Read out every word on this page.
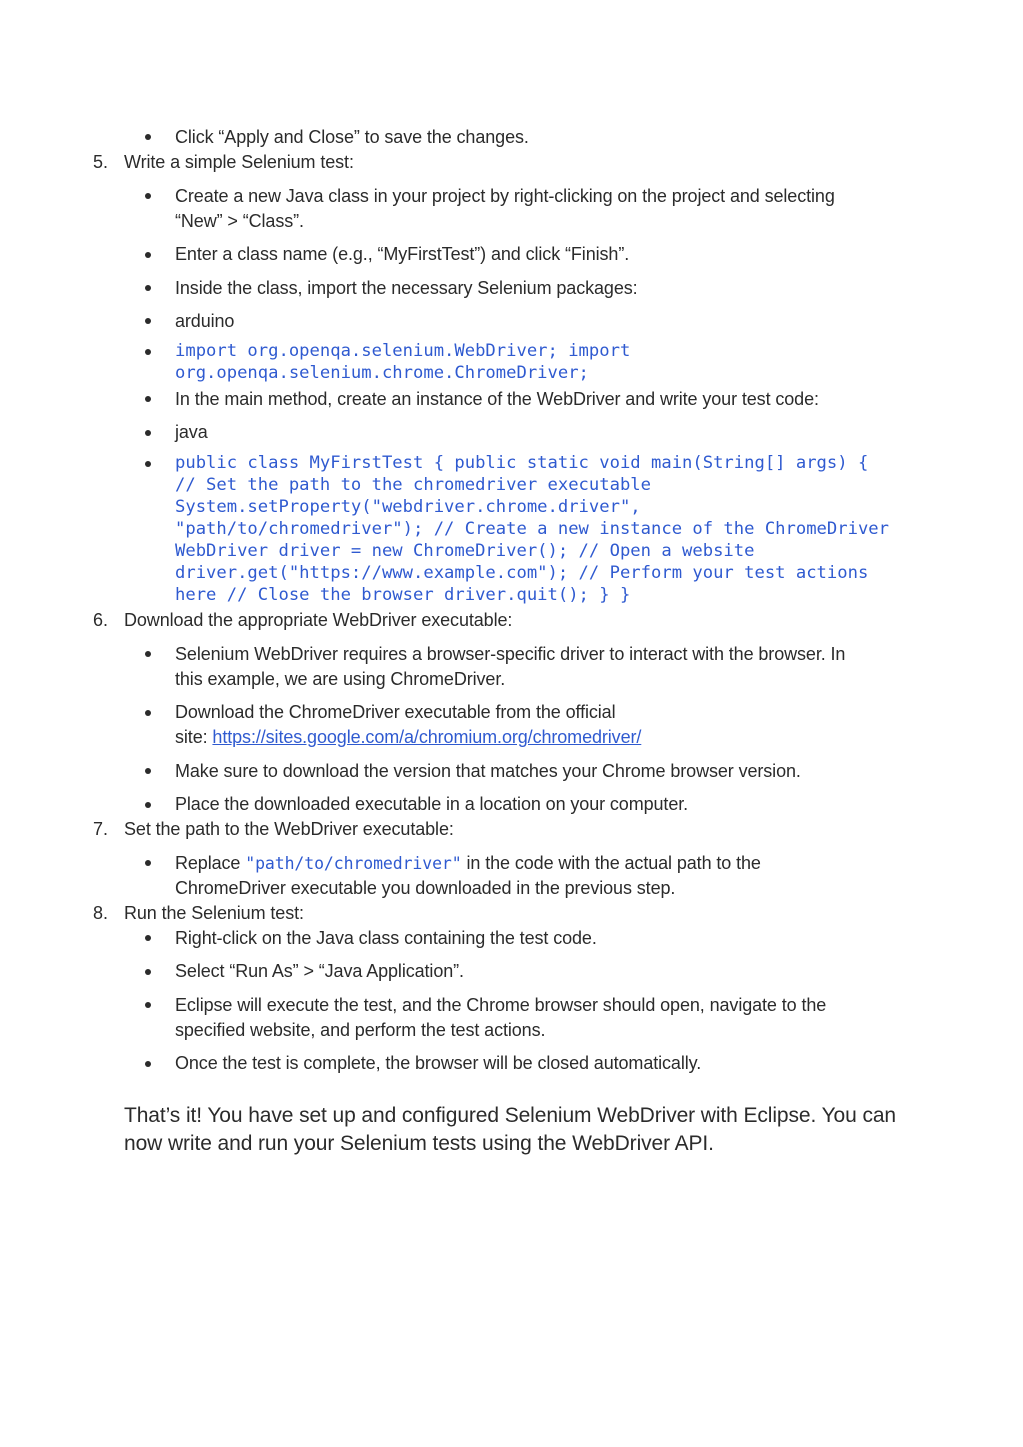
Click “Apply and Close” to save the changes.
5. Write a simple Selenium test:
Create a new Java class in your project by right-clicking on the project and selecting
“New” > “Class”.
Enter a class name (e.g., “MyFirstTest”) and click “Finish”.
Inside the class, import the necessary Selenium packages:
arduino
import org.openqa.selenium.WebDriver; import
org.openqa.selenium.chrome.ChromeDriver;
In the main method, create an instance of the WebDriver and write your test code:
java
public class MyFirstTest { public static void main(String[] args) {
// Set the path to the chromedriver executable
System.setProperty("webdriver.chrome.driver",
"path/to/chromedriver"); // Create a new instance of the ChromeDriver
WebDriver driver = new ChromeDriver(); // Open a website
driver.get("https://www.example.com"); // Perform your test actions
here // Close the browser driver.quit(); } }
6. Download the appropriate WebDriver executable:
Selenium WebDriver requires a browser-specific driver to interact with the browser. In
this example, we are using ChromeDriver.
Download the ChromeDriver executable from the official
site: https://sites.google.com/a/chromium.org/chromedriver/
Make sure to download the version that matches your Chrome browser version.
Place the downloaded executable in a location on your computer.
7. Set the path to the WebDriver executable:
Replace "path/to/chromedriver" in the code with the actual path to the
ChromeDriver executable you downloaded in the previous step.
8. Run the Selenium test:
Right-click on the Java class containing the test code.
Select “Run As” > “Java Application”.
Eclipse will execute the test, and the Chrome browser should open, navigate to the
specified website, and perform the test actions.
Once the test is complete, the browser will be closed automatically.
That’s it! You have set up and configured Selenium WebDriver with Eclipse. You can
now write and run your Selenium tests using the WebDriver API.
